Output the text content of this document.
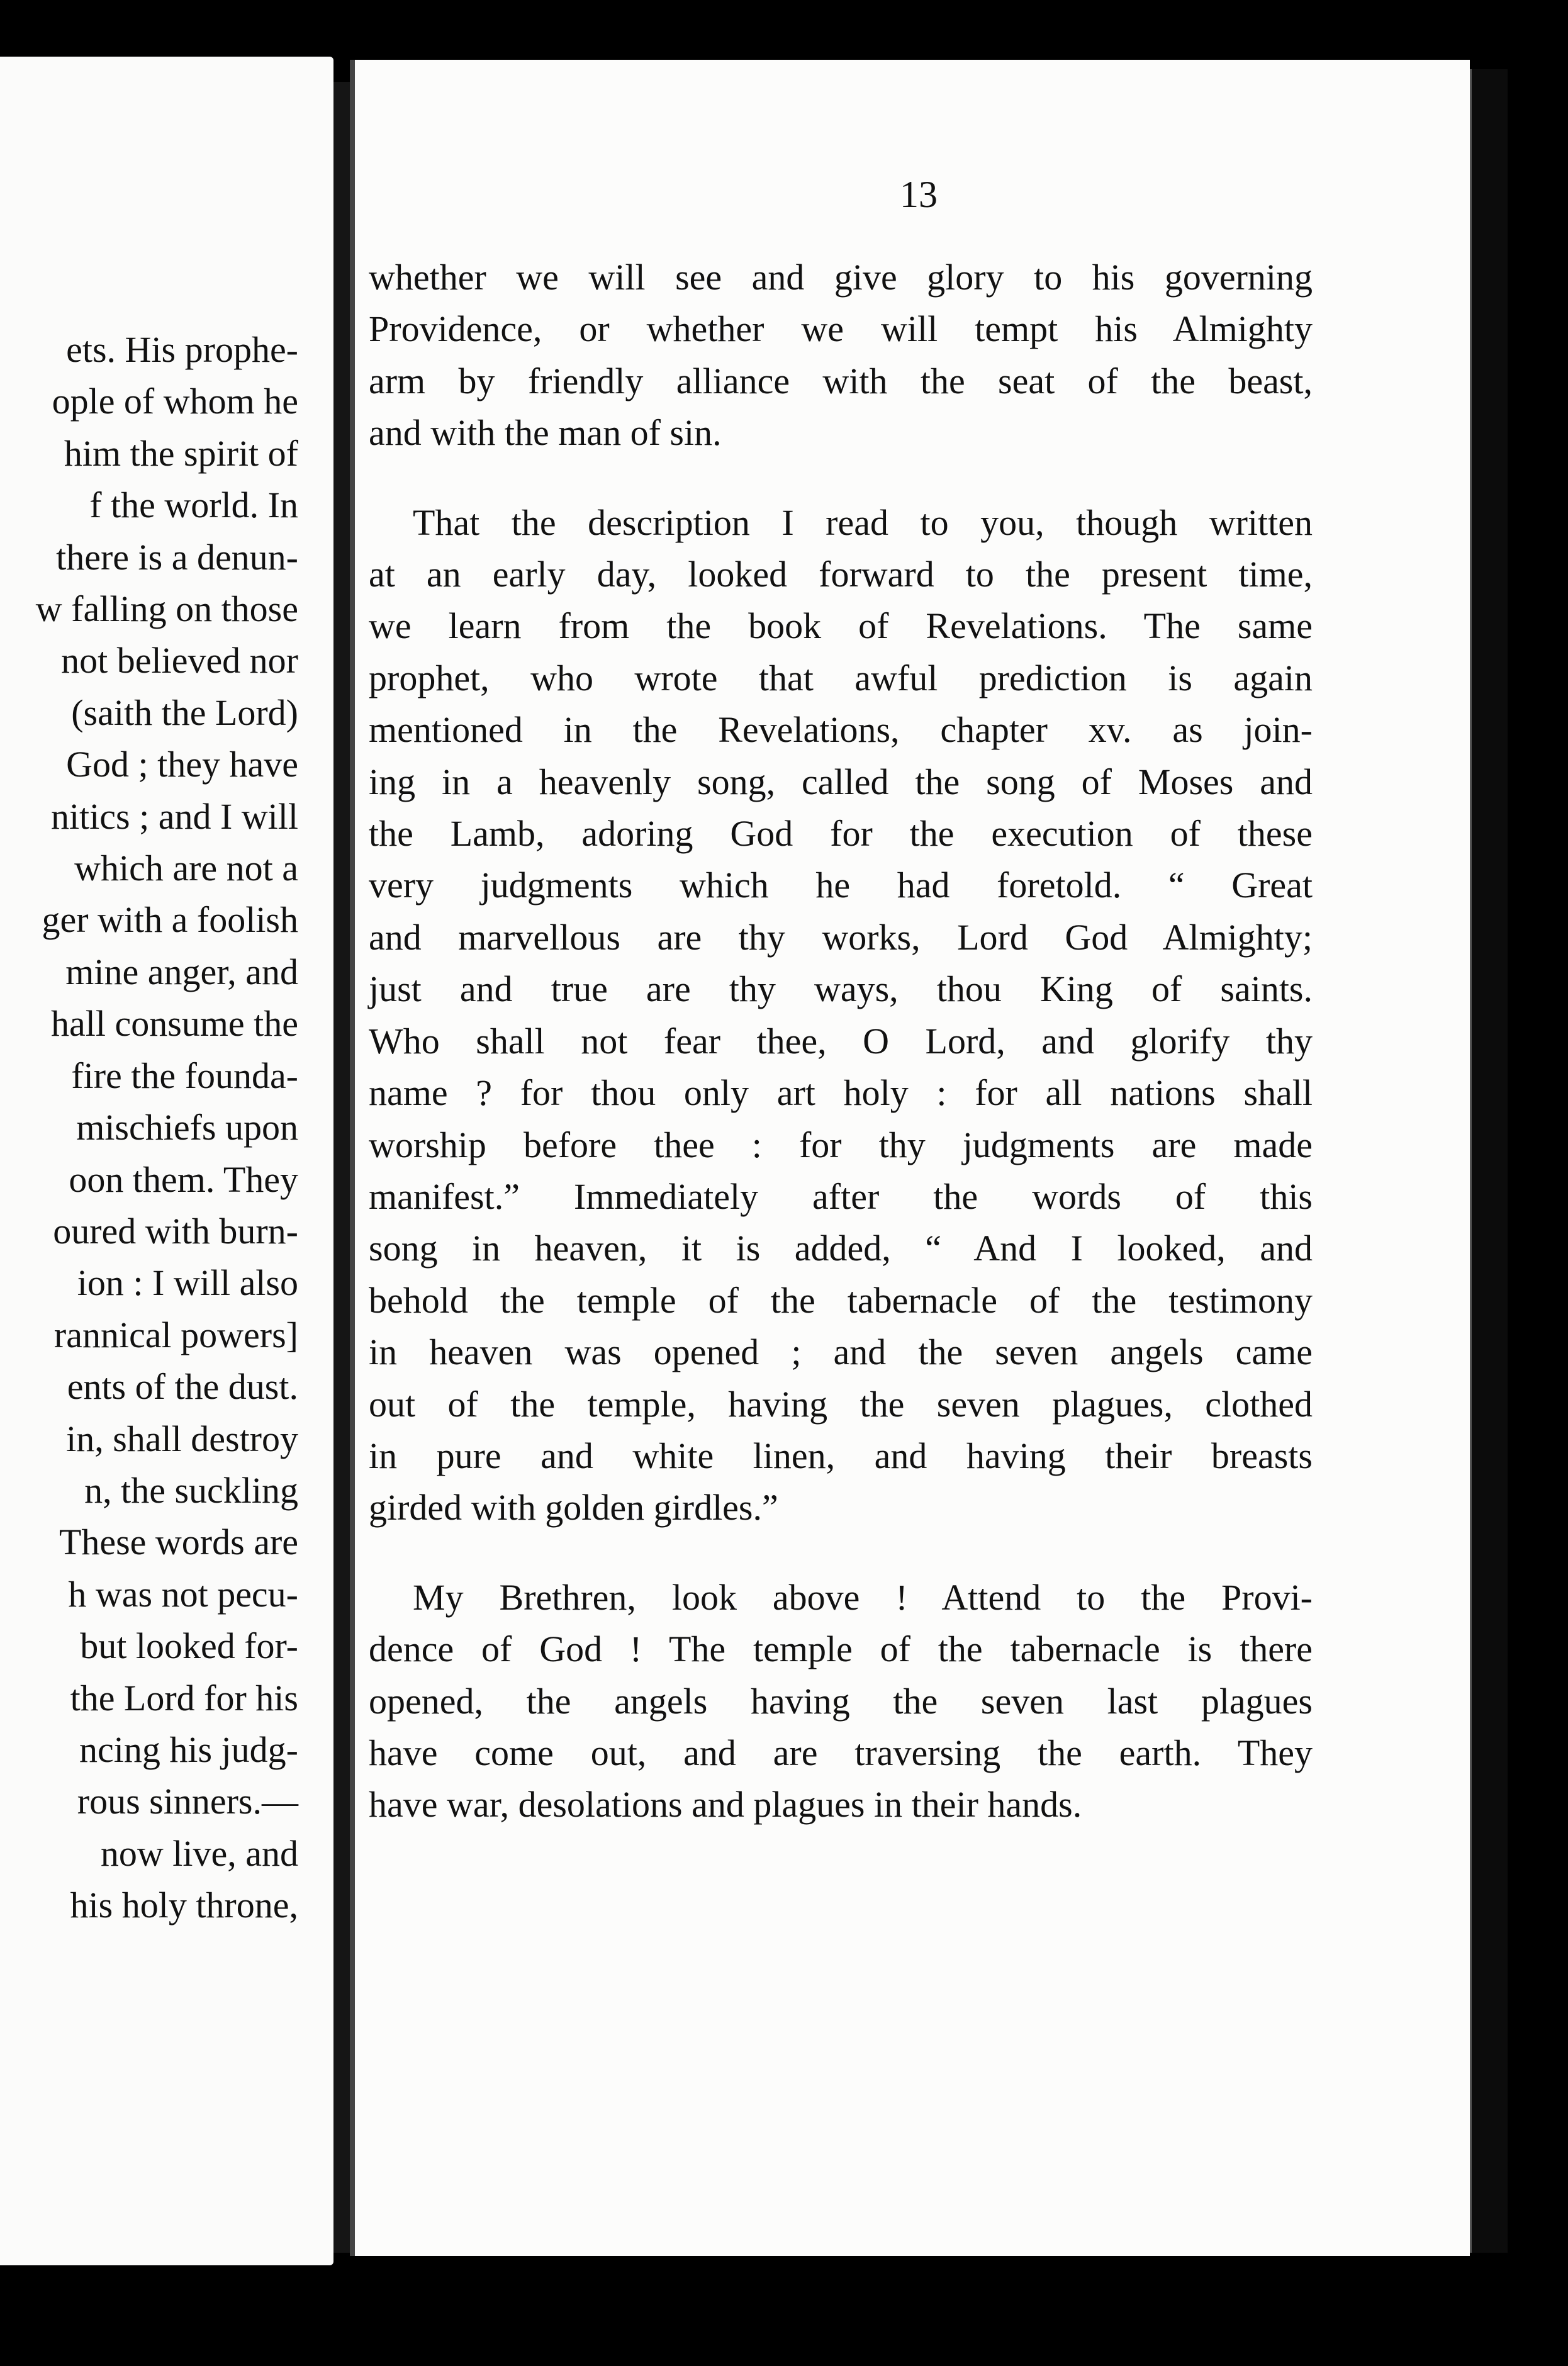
ets. His prophe-
ople of whom he
him the spirit of
f the world. In
there is a denun-
w falling on those
not believed nor
(saith the Lord)
God ; they have
nitics ; and I will
which are not a
ger with a foolish
mine anger, and
hall consume the
fire the founda-
mischiefs upon
oon them. They
oured with burn-
ion : I will also
rannical powers]
ents of the dust.
in, shall destroy
n, the suckling
These words are
h was not pecu-
but looked for-
the Lord for his
ncing his judg-
rous sinners.—
now live, and
his holy throne,
13
whether we will see and give glory to his governing
Providence, or whether we will tempt his Almighty
arm by friendly alliance with the seat of the beast,
and with the man of sin.
That the description I read to you, though written
at an early day, looked forward to the present time,
we learn from the book of Revelations. The same
prophet, who wrote that awful prediction is again
mentioned in the Revelations, chapter xv. as join-
ing in a heavenly song, called the song of Moses and
the Lamb, adoring God for the execution of these
very judgments which he had foretold. “ Great
and marvellous are thy works, Lord God Almighty;
just and true are thy ways, thou King of saints.
Who shall not fear thee, O Lord, and glorify thy
name ? for thou only art holy : for all nations shall
worship before thee : for thy judgments are made
manifest.” Immediately after the words of this
song in heaven, it is added, “ And I looked, and
behold the temple of the tabernacle of the testimony
in heaven was opened ; and the seven angels came
out of the temple, having the seven plagues, clothed
in pure and white linen, and having their breasts
girded with golden girdles.”
My Brethren, look above ! Attend to the Provi-
dence of God ! The temple of the tabernacle is there
opened, the angels having the seven last plagues
have come out, and are traversing the earth. They
have war, desolations and plagues in their hands.
